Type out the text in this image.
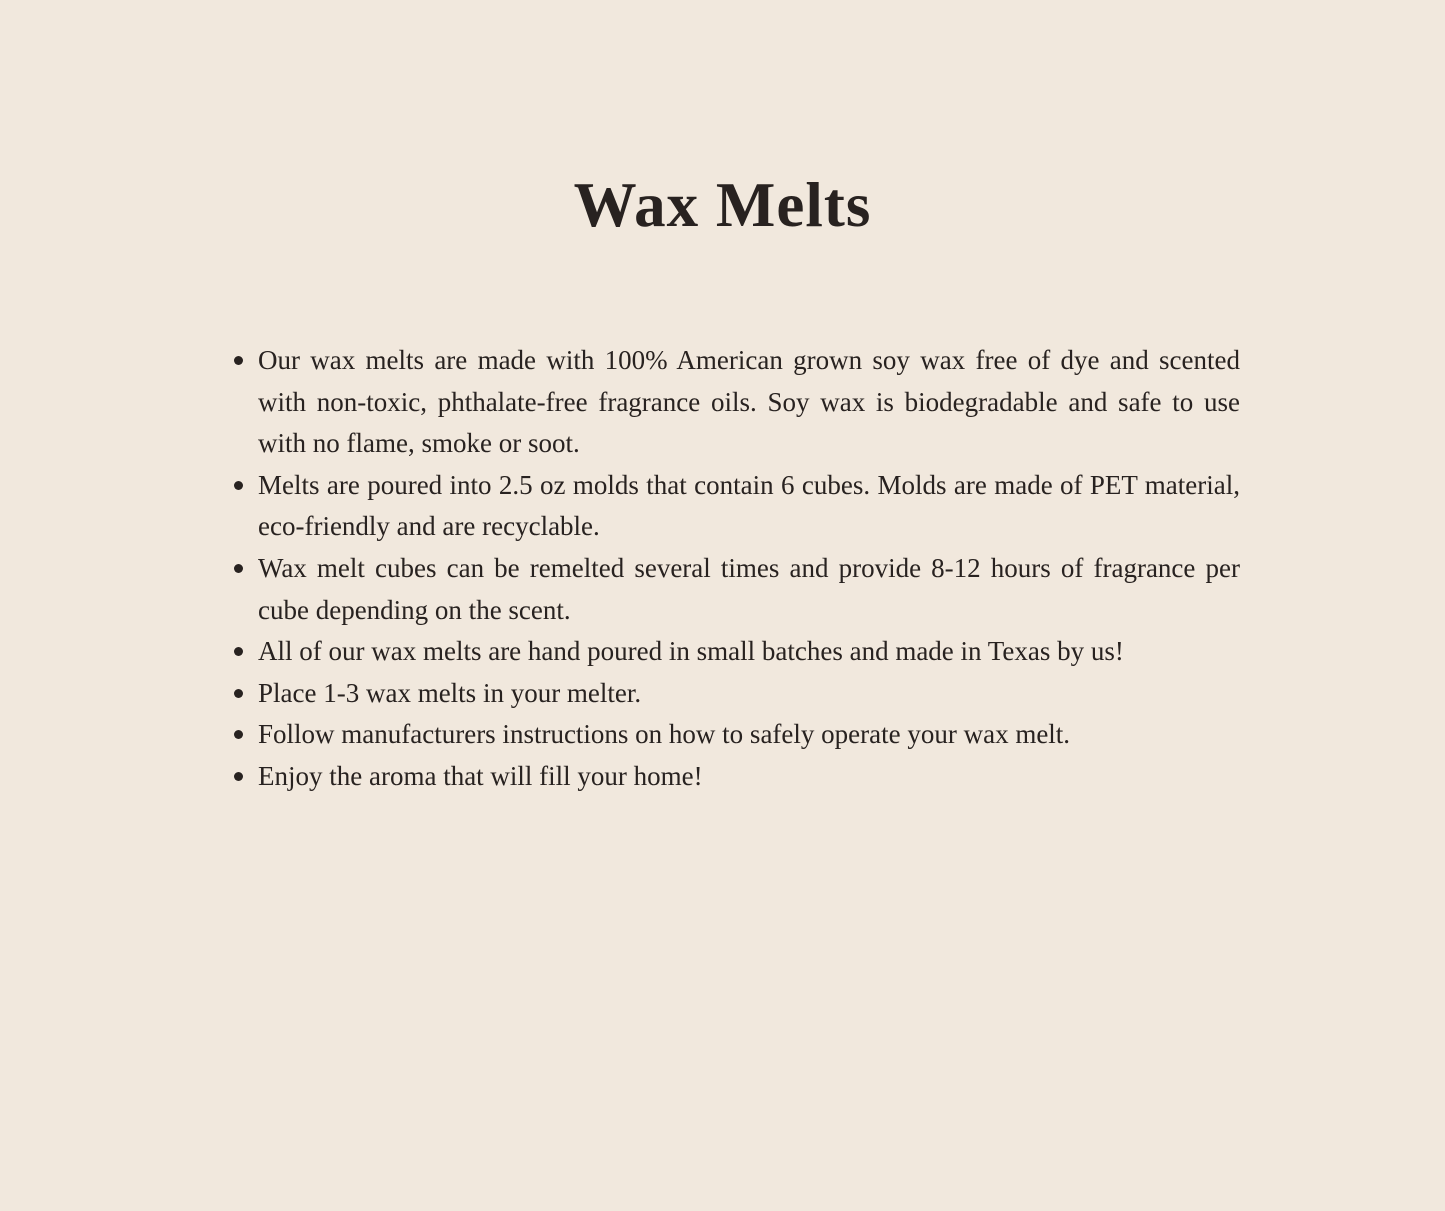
Wax Melts
Our wax melts are made with 100% American grown soy wax free of dye and scented with non-toxic, phthalate-free fragrance oils. Soy wax is biodegradable and safe to use with no flame, smoke or soot.
Melts are poured into 2.5 oz molds that contain 6 cubes. Molds are made of PET material, eco-friendly and are recyclable.
Wax melt cubes can be remelted several times and provide 8-12 hours of fragrance per cube depending on the scent.
All of our wax melts are hand poured in small batches and made in Texas by us!
Place 1-3 wax melts in your melter.
Follow manufacturers instructions on how to safely operate your wax melt.
Enjoy the aroma that will fill your home!
